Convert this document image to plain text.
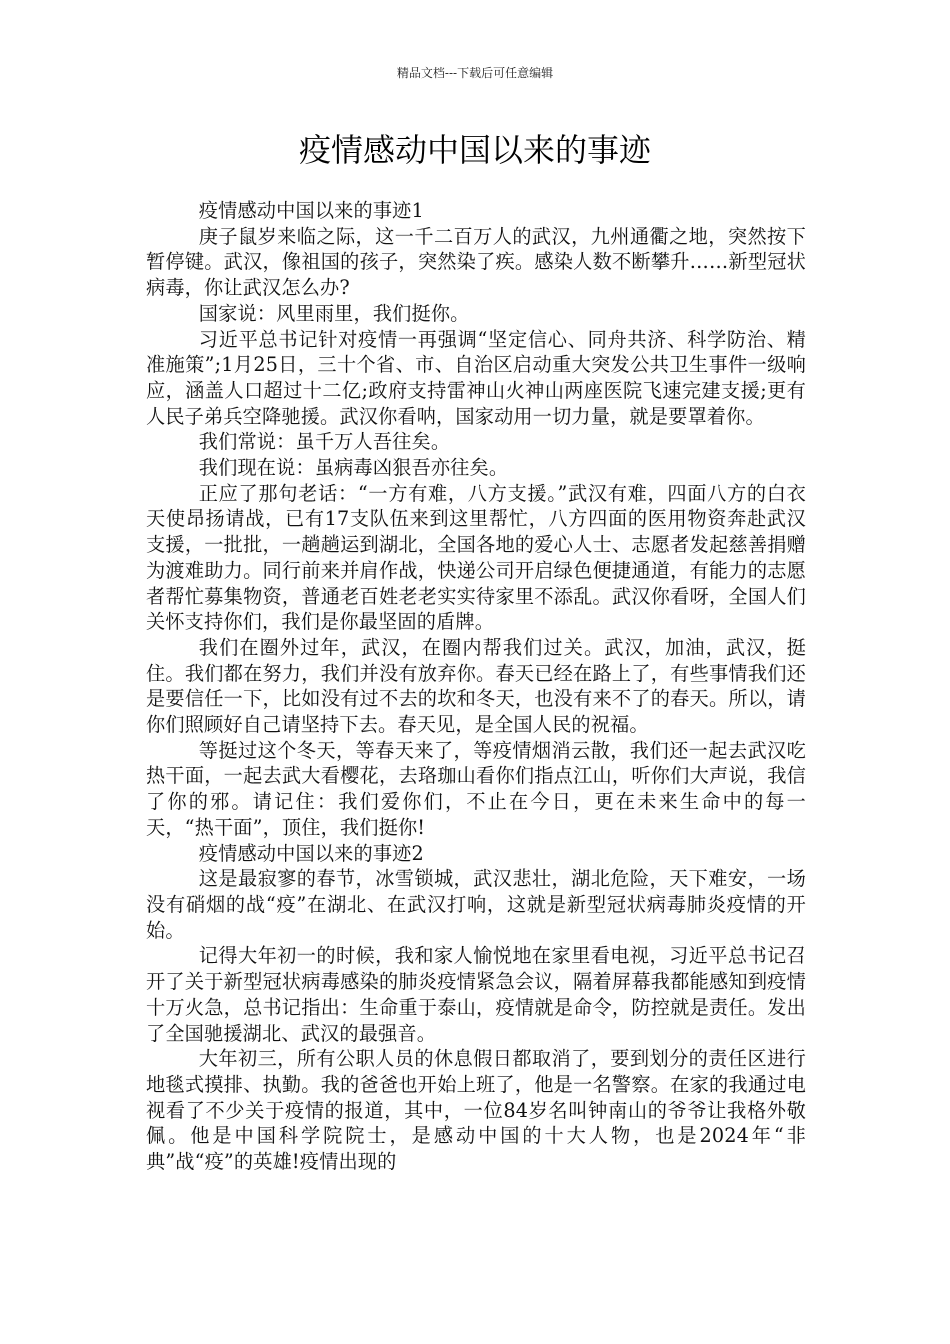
精品文档---下载后可任意编辑
疫情感动中国以来的事迹

疫情感动中国以来的事迹1

庚子鼠岁来临之际，这一千二百万人的武汉，九州通衢之地，突然按下暂停键。武汉，像祖国的孩子，突然染了疾。感染人数不断攀升……新型冠状病毒，你让武汉怎么办?

国家说：风里雨里，我们挺你。

习近平总书记针对疫情一再强调“坚定信心、同舟共济、科学防治、精准施策”;1月25日，三十个省、市、自治区启动重大突发公共卫生事件一级响应，涵盖人口超过十二亿;政府支持雷神山火神山两座医院飞速完建支援;更有人民子弟兵空降驰援。武汉你看呐，国家动用一切力量，就是要罩着你。

我们常说：虽千万人吾往矣。

我们现在说：虽病毒凶狠吾亦往矣。

正应了那句老话：“一方有难，八方支援。”武汉有难，四面八方的白衣天使昂扬请战，已有17支队伍来到这里帮忙，八方四面的医用物资奔赴武汉支援，一批批，一趟趟运到湖北，全国各地的爱心人士、志愿者发起慈善捐赠为渡难助力。同行前来并肩作战，快递公司开启绿色便捷通道，有能力的志愿者帮忙募集物资，普通老百姓老老实实待家里不添乱。武汉你看呀，全国人们关怀支持你们，我们是你最坚固的盾牌。

我们在圈外过年，武汉，在圈内帮我们过关。武汉，加油，武汉，挺住。我们都在努力，我们并没有放弃你。春天已经在路上了，有些事情我们还是要信任一下，比如没有过不去的坎和冬天，也没有来不了的春天。所以，请你们照顾好自己请坚持下去。春天见，是全国人民的祝福。

等挺过这个冬天，等春天来了，等疫情烟消云散，我们还一起去武汉吃热干面，一起去武大看樱花，去珞珈山看你们指点江山，听你们大声说，我信了你的邪。请记住：我们爱你们，不止在今日，更在未来生命中的每一天，“热干面”，顶住，我们挺你!

疫情感动中国以来的事迹2

这是最寂寥的春节，冰雪锁城，武汉悲壮，湖北危险，天下难安，一场没有硝烟的战“疫”在湖北、在武汉打响，这就是新型冠状病毒肺炎疫情的开始。

记得大年初一的时候，我和家人愉悦地在家里看电视，习近平总书记召开了关于新型冠状病毒感染的肺炎疫情紧急会议，隔着屏幕我都能感知到疫情十万火急，总书记指出：生命重于泰山，疫情就是命令，防控就是责任。发出了全国驰援湖北、武汉的最强音。

大年初三，所有公职人员的休息假日都取消了，要到划分的责任区进行地毯式摸排、执勤。我的爸爸也开始上班了，他是一名警察。在家的我通过电视看了不少关于疫情的报道，其中，一位84岁名叫钟南山的爷爷让我格外敬佩。他是中国科学院院士，是感动中国的十大人物，也是2024年“非典”战“疫”的英雄!疫情出现的
